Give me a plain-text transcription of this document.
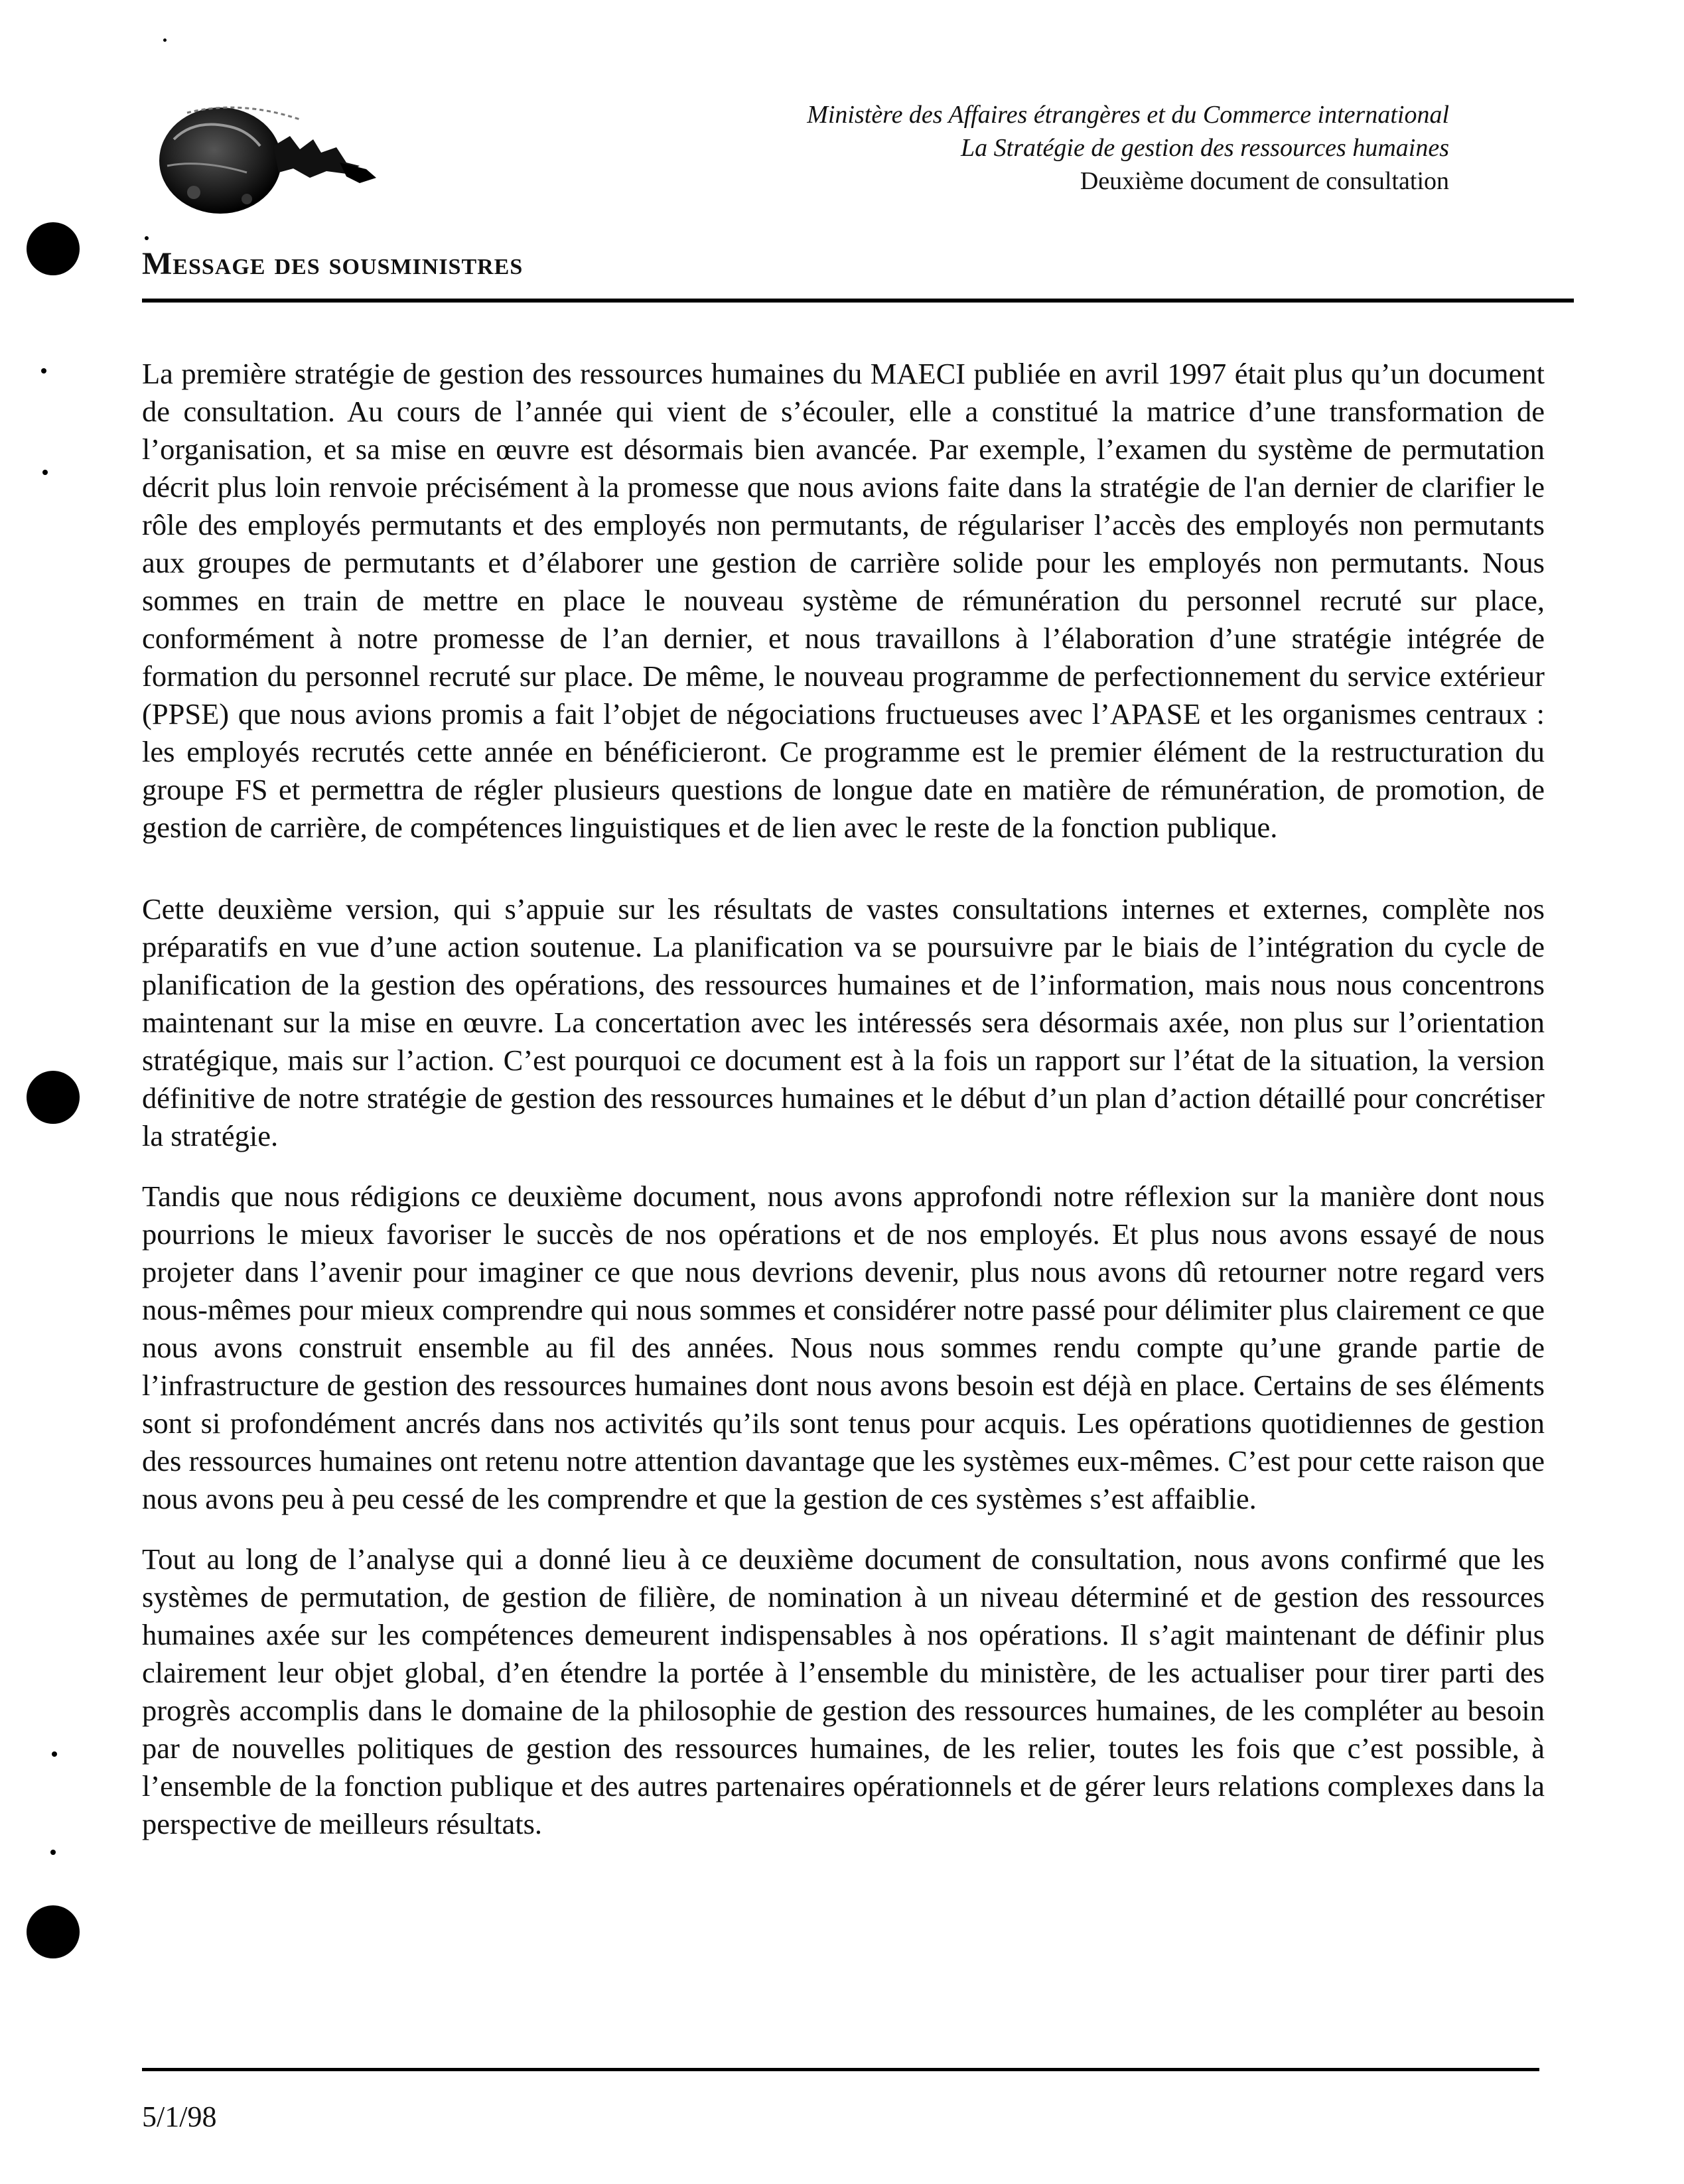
Ministère des Affaires étrangères et du Commerce international
La Stratégie de gestion des ressources humaines
Deuxième document de consultation
Message des sousministres

La première stratégie de gestion des ressources humaines du MAECI publiée en avril 1997 était plus qu’un document de consultation. Au cours de l’année qui vient de s’écouler, elle a constitué la matrice d’une transformation de l’organisation, et sa mise en œuvre est désormais bien avancée. Par exemple, l’examen du système de permutation décrit plus loin renvoie précisément à la promesse que nous avions faite dans la stratégie de l'an dernier de clarifier le rôle des employés permutants et des employés non permutants, de régulariser l’accès des employés non permutants aux groupes de permutants et d’élaborer une gestion de carrière solide pour les employés non permutants. Nous sommes en train de mettre en place le nouveau système de rémunération du personnel recruté sur place, conformément à notre promesse de l’an dernier, et nous travaillons à l’élaboration d’une stratégie intégrée de formation du personnel recruté sur place. De même, le nouveau programme de perfectionnement du service extérieur (PPSE) que nous avions promis a fait l’objet de négociations fructueuses avec l’APASE et les organismes centraux : les employés recrutés cette année en bénéficieront. Ce programme est le premier élément de la restructuration du groupe FS et permettra de régler plusieurs questions de longue date en matière de rémunération, de promotion, de gestion de carrière, de compétences linguistiques et de lien avec le reste de la fonction publique.

Cette deuxième version, qui s’appuie sur les résultats de vastes consultations internes et externes, complète nos préparatifs en vue d’une action soutenue. La planification va se poursuivre par le biais de l’intégration du cycle de planification de la gestion des opérations, des ressources humaines et de l’information, mais nous nous concentrons maintenant sur la mise en œuvre. La concertation avec les intéressés sera désormais axée, non plus sur l’orientation stratégique, mais sur l’action. C’est pourquoi ce document est à la fois un rapport sur l’état de la situation, la version définitive de notre stratégie de gestion des ressources humaines et le début d’un plan d’action détaillé pour concrétiser la stratégie.

Tandis que nous rédigions ce deuxième document, nous avons approfondi notre réflexion sur la manière dont nous pourrions le mieux favoriser le succès de nos opérations et de nos employés. Et plus nous avons essayé de nous projeter dans l’avenir pour imaginer ce que nous devrions devenir, plus nous avons dû retourner notre regard vers nous-mêmes pour mieux comprendre qui nous sommes et considérer notre passé pour délimiter plus clairement ce que nous avons construit ensemble au fil des années. Nous nous sommes rendu compte qu’une grande partie de l’infrastructure de gestion des ressources humaines dont nous avons besoin est déjà en place. Certains de ses éléments sont si profondément ancrés dans nos activités qu’ils sont tenus pour acquis. Les opérations quotidiennes de gestion des ressources humaines ont retenu notre attention davantage que les systèmes eux-mêmes. C’est pour cette raison que nous avons peu à peu cessé de les comprendre et que la gestion de ces systèmes s’est affaiblie.

Tout au long de l’analyse qui a donné lieu à ce deuxième document de consultation, nous avons confirmé que les systèmes de permutation, de gestion de filière, de nomination à un niveau déterminé et de gestion des ressources humaines axée sur les compétences demeurent indispensables à nos opérations. Il s’agit maintenant de définir plus clairement leur objet global, d’en étendre la portée à l’ensemble du ministère, de les actualiser pour tirer parti des progrès accomplis dans le domaine de la philosophie de gestion des ressources humaines, de les compléter au besoin par de nouvelles politiques de gestion des ressources humaines, de les relier, toutes les fois que c’est possible, à l’ensemble de la fonction publique et des autres partenaires opérationnels et de gérer leurs relations complexes dans la perspective de meilleurs résultats.

5/1/98
